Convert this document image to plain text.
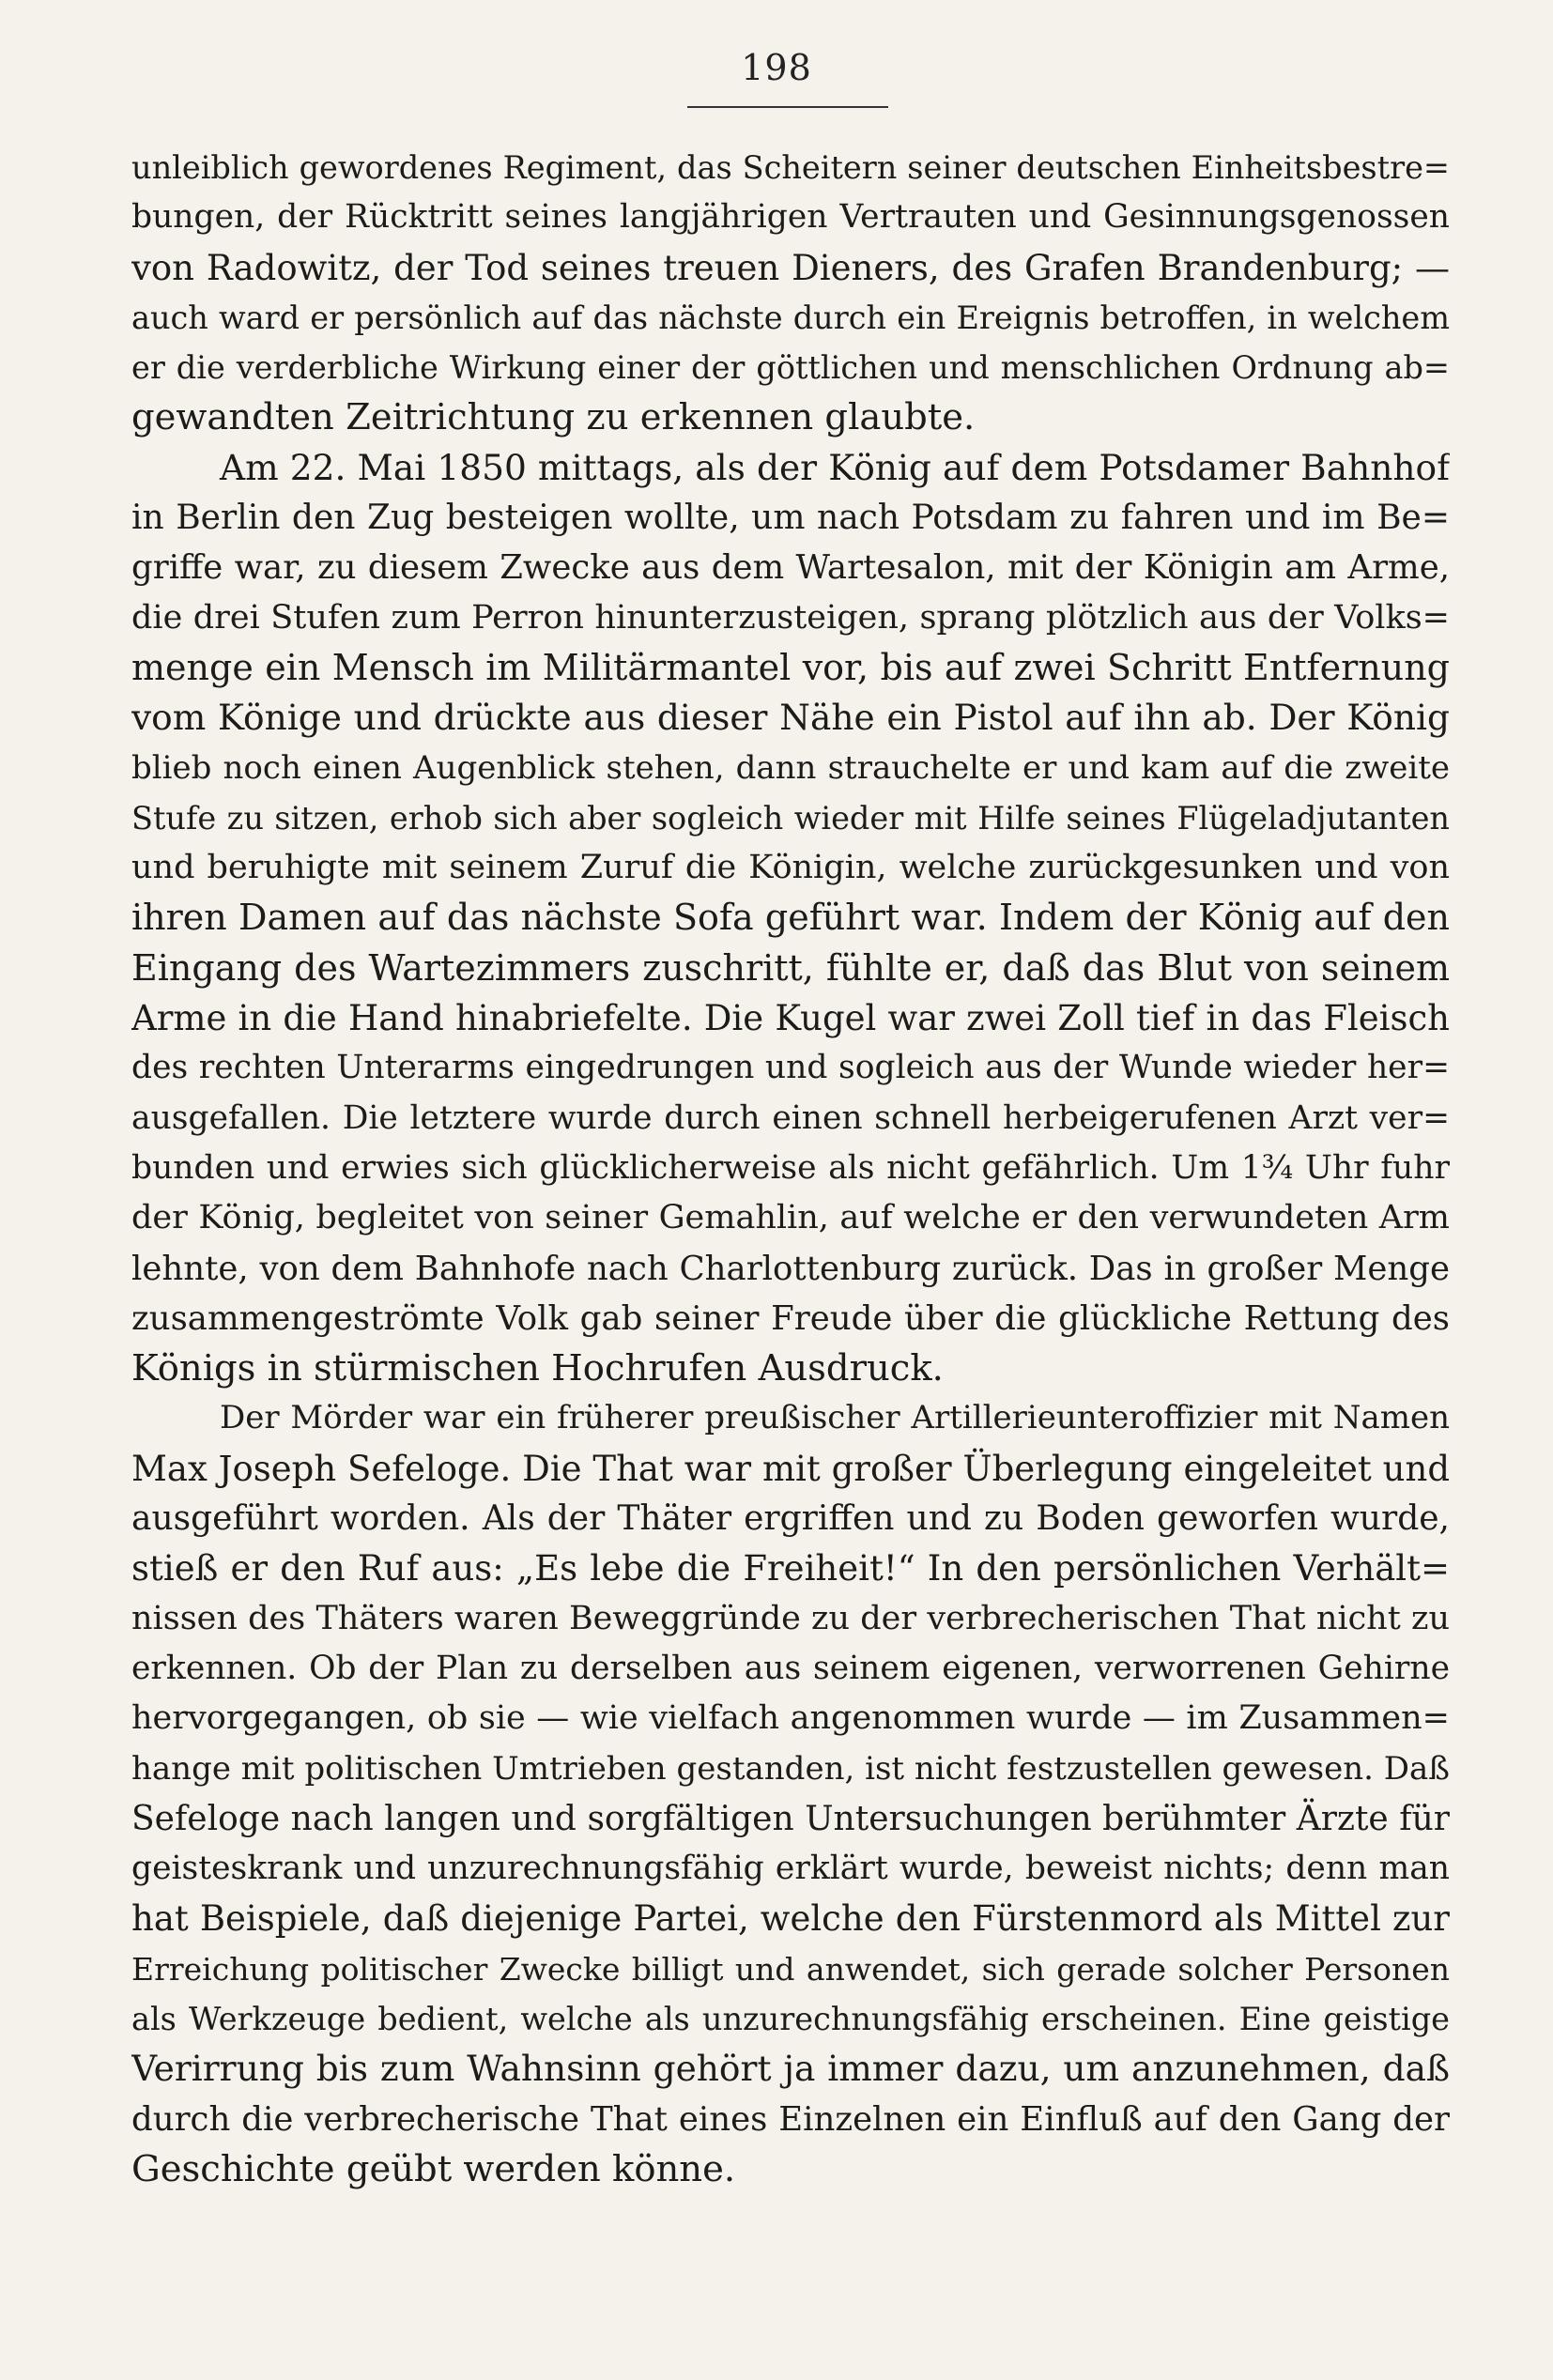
198
unleiblich gewordenes Regiment, das Scheitern seiner deutschen Einheitsbestre=
bungen, der Rücktritt seines langjährigen Vertrauten und Gesinnungsgenossen
von Radowitz, der Tod seines treuen Dieners, des Grafen Brandenburg; —
auch ward er persönlich auf das nächste durch ein Ereignis betroffen, in welchem
er die verderbliche Wirkung einer der göttlichen und menschlichen Ordnung ab=
gewandten Zeitrichtung zu erkennen glaubte.
Am 22. Mai 1850 mittags, als der König auf dem Potsdamer Bahnhof
in Berlin den Zug besteigen wollte, um nach Potsdam zu fahren und im Be=
griffe war, zu diesem Zwecke aus dem Wartesalon, mit der Königin am Arme,
die drei Stufen zum Perron hinunterzusteigen, sprang plötzlich aus der Volks=
menge ein Mensch im Militärmantel vor, bis auf zwei Schritt Entfernung
vom Könige und drückte aus dieser Nähe ein Pistol auf ihn ab. Der König
blieb noch einen Augenblick stehen, dann strauchelte er und kam auf die zweite
Stufe zu sitzen, erhob sich aber sogleich wieder mit Hilfe seines Flügeladjutanten
und beruhigte mit seinem Zuruf die Königin, welche zurückgesunken und von
ihren Damen auf das nächste Sofa geführt war. Indem der König auf den
Eingang des Wartezimmers zuschritt, fühlte er, daß das Blut von seinem
Arme in die Hand hinabriefelte. Die Kugel war zwei Zoll tief in das Fleisch
des rechten Unterarms eingedrungen und sogleich aus der Wunde wieder her=
ausgefallen. Die letztere wurde durch einen schnell herbeigerufenen Arzt ver=
bunden und erwies sich glücklicherweise als nicht gefährlich. Um 1¾ Uhr fuhr
der König, begleitet von seiner Gemahlin, auf welche er den verwundeten Arm
lehnte, von dem Bahnhofe nach Charlottenburg zurück. Das in großer Menge
zusammengeströmte Volk gab seiner Freude über die glückliche Rettung des
Königs in stürmischen Hochrufen Ausdruck.
Der Mörder war ein früherer preußischer Artillerieunteroffizier mit Namen
Max Joseph Sefeloge. Die That war mit großer Überlegung eingeleitet und
ausgeführt worden. Als der Thäter ergriffen und zu Boden geworfen wurde,
stieß er den Ruf aus: „Es lebe die Freiheit!“ In den persönlichen Verhält=
nissen des Thäters waren Beweggründe zu der verbrecherischen That nicht zu
erkennen. Ob der Plan zu derselben aus seinem eigenen, verworrenen Gehirne
hervorgegangen, ob sie — wie vielfach angenommen wurde — im Zusammen=
hange mit politischen Umtrieben gestanden, ist nicht festzustellen gewesen. Daß
Sefeloge nach langen und sorgfältigen Untersuchungen berühmter Ärzte für
geisteskrank und unzurechnungsfähig erklärt wurde, beweist nichts; denn man
hat Beispiele, daß diejenige Partei, welche den Fürstenmord als Mittel zur
Erreichung politischer Zwecke billigt und anwendet, sich gerade solcher Personen
als Werkzeuge bedient, welche als unzurechnungsfähig erscheinen. Eine geistige
Verirrung bis zum Wahnsinn gehört ja immer dazu, um anzunehmen, daß
durch die verbrecherische That eines Einzelnen ein Einfluß auf den Gang der
Geschichte geübt werden könne.
